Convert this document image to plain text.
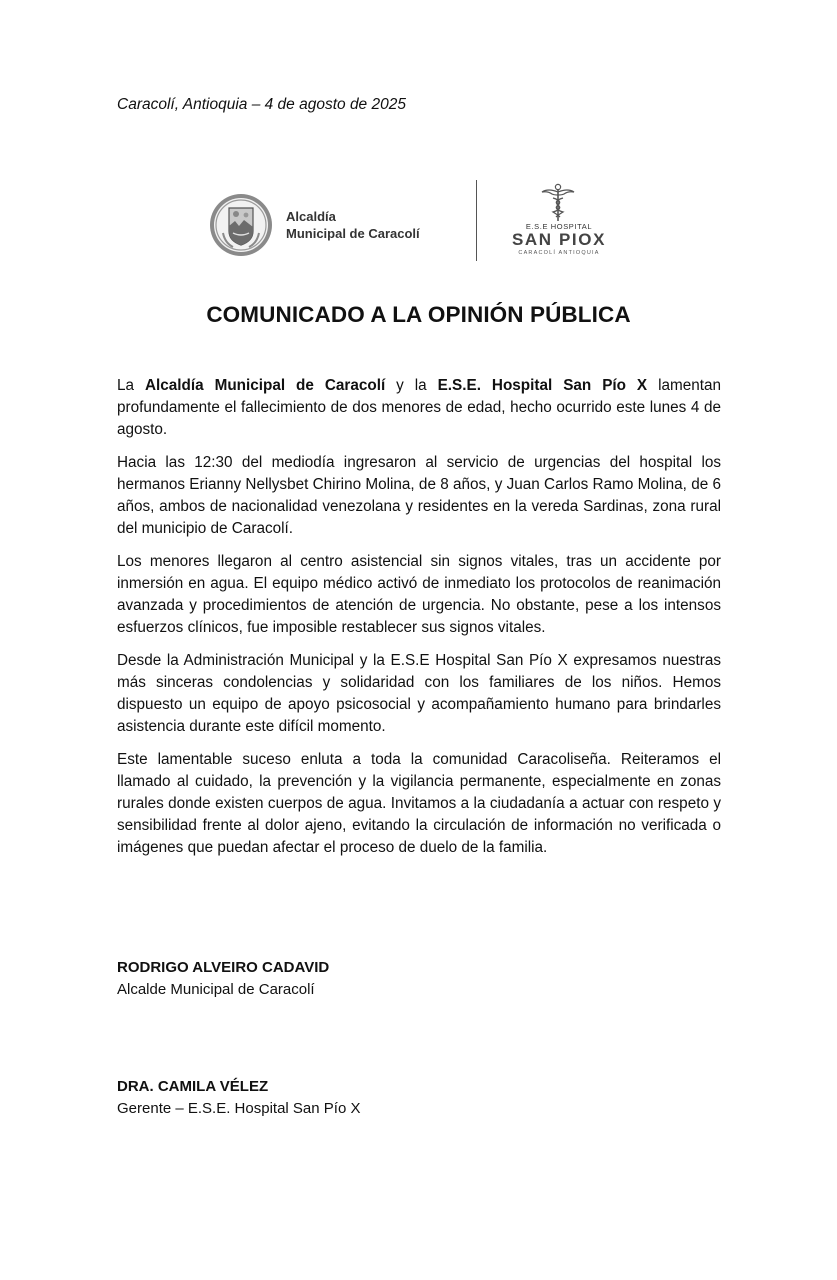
Caracolí, Antioquia – 4 de agosto de 2025
Alcaldía
Municipal de Caracolí	E.S.E HOSPITAL
SAN PIOX
CARACOLÍ ANTIOQUIA
COMUNICADO A LA OPINIÓN PÚBLICA

La Alcaldía Municipal de Caracolí y la E.S.E. Hospital San Pío X lamentan profundamente el fallecimiento de dos menores de edad, hecho ocurrido este lunes 4 de agosto.

Hacia las 12:30 del mediodía ingresaron al servicio de urgencias del hospital los hermanos Erianny Nellysbet Chirino Molina, de 8 años, y Juan Carlos Ramo Molina, de 6 años, ambos de nacionalidad venezolana y residentes en la vereda Sardinas, zona rural del municipio de Caracolí.

Los menores llegaron al centro asistencial sin signos vitales, tras un accidente por inmersión en agua. El equipo médico activó de inmediato los protocolos de reanimación avanzada y procedimientos de atención de urgencia. No obstante, pese a los intensos esfuerzos clínicos, fue imposible restablecer sus signos vitales.

Desde la Administración Municipal y la E.S.E Hospital San Pío X expresamos nuestras más sinceras condolencias y solidaridad con los familiares de los niños. Hemos dispuesto un equipo de apoyo psicosocial y acompañamiento humano para brindarles asistencia durante este difícil momento.

Este lamentable suceso enluta a toda la comunidad Caracoliseña. Reiteramos el llamado al cuidado, la prevención y la vigilancia permanente, especialmente en zonas rurales donde existen cuerpos de agua. Invitamos a la ciudadanía a actuar con respeto y sensibilidad frente al dolor ajeno, evitando la circulación de información no verificada o imágenes que puedan afectar el proceso de duelo de la familia.

RODRIGO ALVEIRO CADAVID
Alcalde Municipal de Caracolí
DRA. CAMILA VÉLEZ
Gerente – E.S.E. Hospital San Pío X
